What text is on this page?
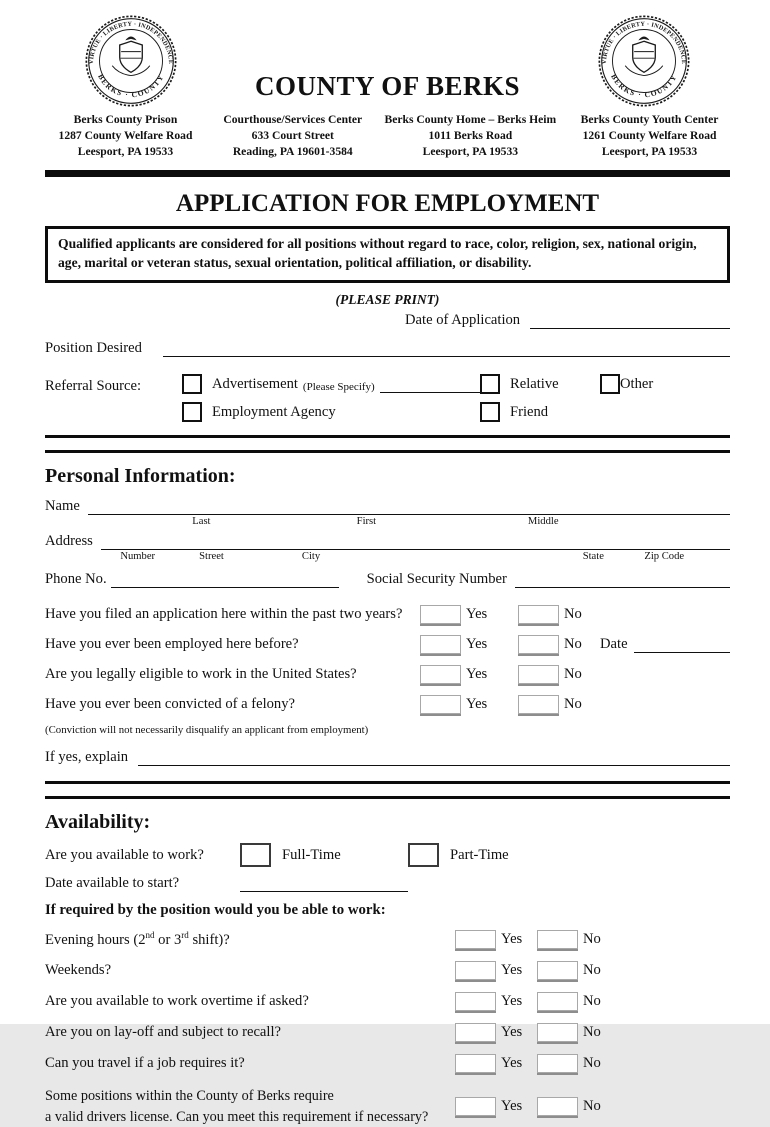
VIRTUE · LIBERTY · INDEPENDENCE
BERKS · COUNTY	COUNTY OF BERKS
VIRTUE · LIBERTY · INDEPENDENCE
BERKS · COUNTY
Berks County Prison
1287 County Welfare Road
Leesport, PA 19533
Courthouse/Services Center
633 Court Street
Reading, PA 19601-3584
Berks County Home – Berks Heim
1011 Berks Road
Leesport, PA 19533
Berks County Youth Center
1261 County Welfare Road
Leesport, PA 19533
APPLICATION FOR EMPLOYMENT
Qualified applicants are considered for all positions without regard to race, color, religion, sex, national origin, age, marital or veteran status, sexual orientation, political affiliation, or disability.
(PLEASE PRINT)
Date of Application
Position Desired
Referral Source:	Advertisement (Please Specify)	Relative	Other
Employment Agency	Friend
Personal Information:
Name
Last	First	Middle
Address
Number	Street	City	State	Zip Code
Phone No.	Social Security Number
Have you filed an application here within the past two years?	Yes	No
Have you ever been employed here before?	Yes	No	Date
Are you legally eligible to work in the United States?	Yes	No
Have you ever been convicted of a felony?	Yes	No
(Conviction will not necessarily disqualify an applicant from employment)
If yes, explain
Availability:
Are you available to work?	Full-Time	Part-Time
Date available to start?
If required by the position would you be able to work:
Evening hours (2nd or 3rd shift)?	Yes	No
Weekends?	Yes	No
Are you available to work overtime if asked?	Yes	No
Are you on lay-off and subject to recall?	Yes	No
Can you travel if a job requires it?	Yes	No
Some positions within the County of Berks require
a valid drivers license. Can you meet this requirement if necessary?
Yes	No
